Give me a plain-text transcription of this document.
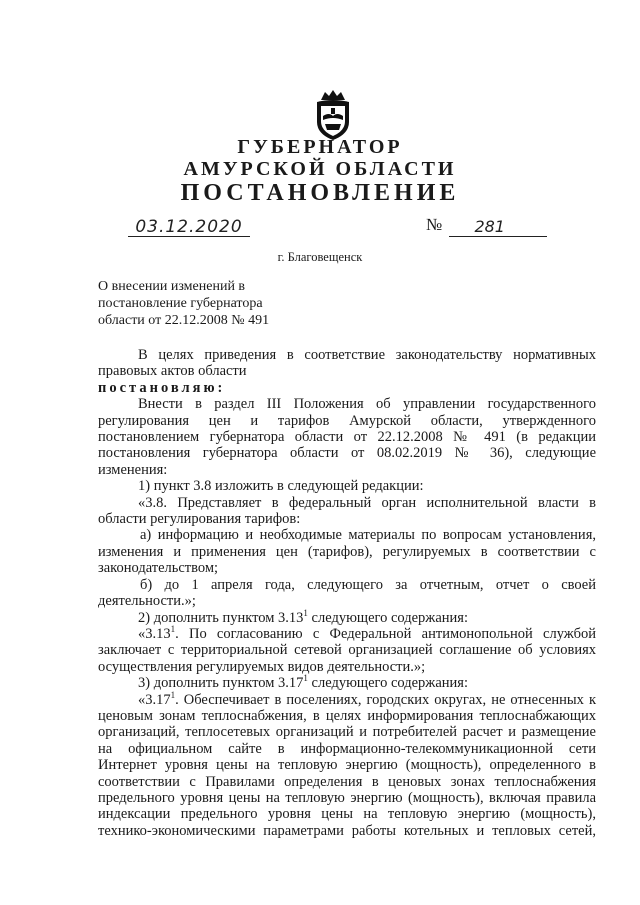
ГУБЕРНАТОР
АМУРСКОЙ ОБЛАСТИ
ПОСТАНОВЛЕНИЕ
03.12.2020	№	281
г. Благовещенск
О внесении изменений в
постановление губернатора
области от 22.12.2008 № 491
В целях приведения в соответствие законодательству нормативных
правовых актов области
постановляю:
Внести в раздел III Положения об управлении государственного
регулирования цен и тарифов Амурской области, утвержденного
постановлением губернатора области от 22.12.2008 № 491 (в редакции
постановления губернатора области от 08.02.2019 № 36), следующие
изменения:
1) пункт 3.8 изложить в следующей редакции:
«3.8. Представляет в федеральный орган исполнительной власти в
области регулирования тарифов:
а) информацию и необходимые материалы по вопросам установления,
изменения и применения цен (тарифов), регулируемых в соответствии с
законодательством;
б) до 1 апреля года, следующего за отчетным, отчет о своей
деятельности.»;
2) дополнить пунктом 3.13$^1$ следующего содержания:
«3.13$^1$. По согласованию с Федеральной антимонопольной службой
заключает с территориальной сетевой организацией соглашение об условиях
осуществления регулируемых видов деятельности.»;
3) дополнить пунктом 3.17$^1$ следующего содержания:
«3.17$^1$. Обеспечивает в поселениях, городских округах, не отнесенных к
ценовым зонам теплоснабжения, в целях информирования теплоснабжающих
организаций, теплосетевых организаций и потребителей расчет и размещение
на официальном сайте в информационно-телекоммуникационной сети
Интернет уровня цены на тепловую энергию (мощность), определенного в
соответствии с Правилами определения в ценовых зонах теплоснабжения
предельного уровня цены на тепловую энергию (мощность), включая правила
индексации предельного уровня цены на тепловую энергию (мощность),
технико-экономическими параметрами работы котельных и тепловых сетей,
